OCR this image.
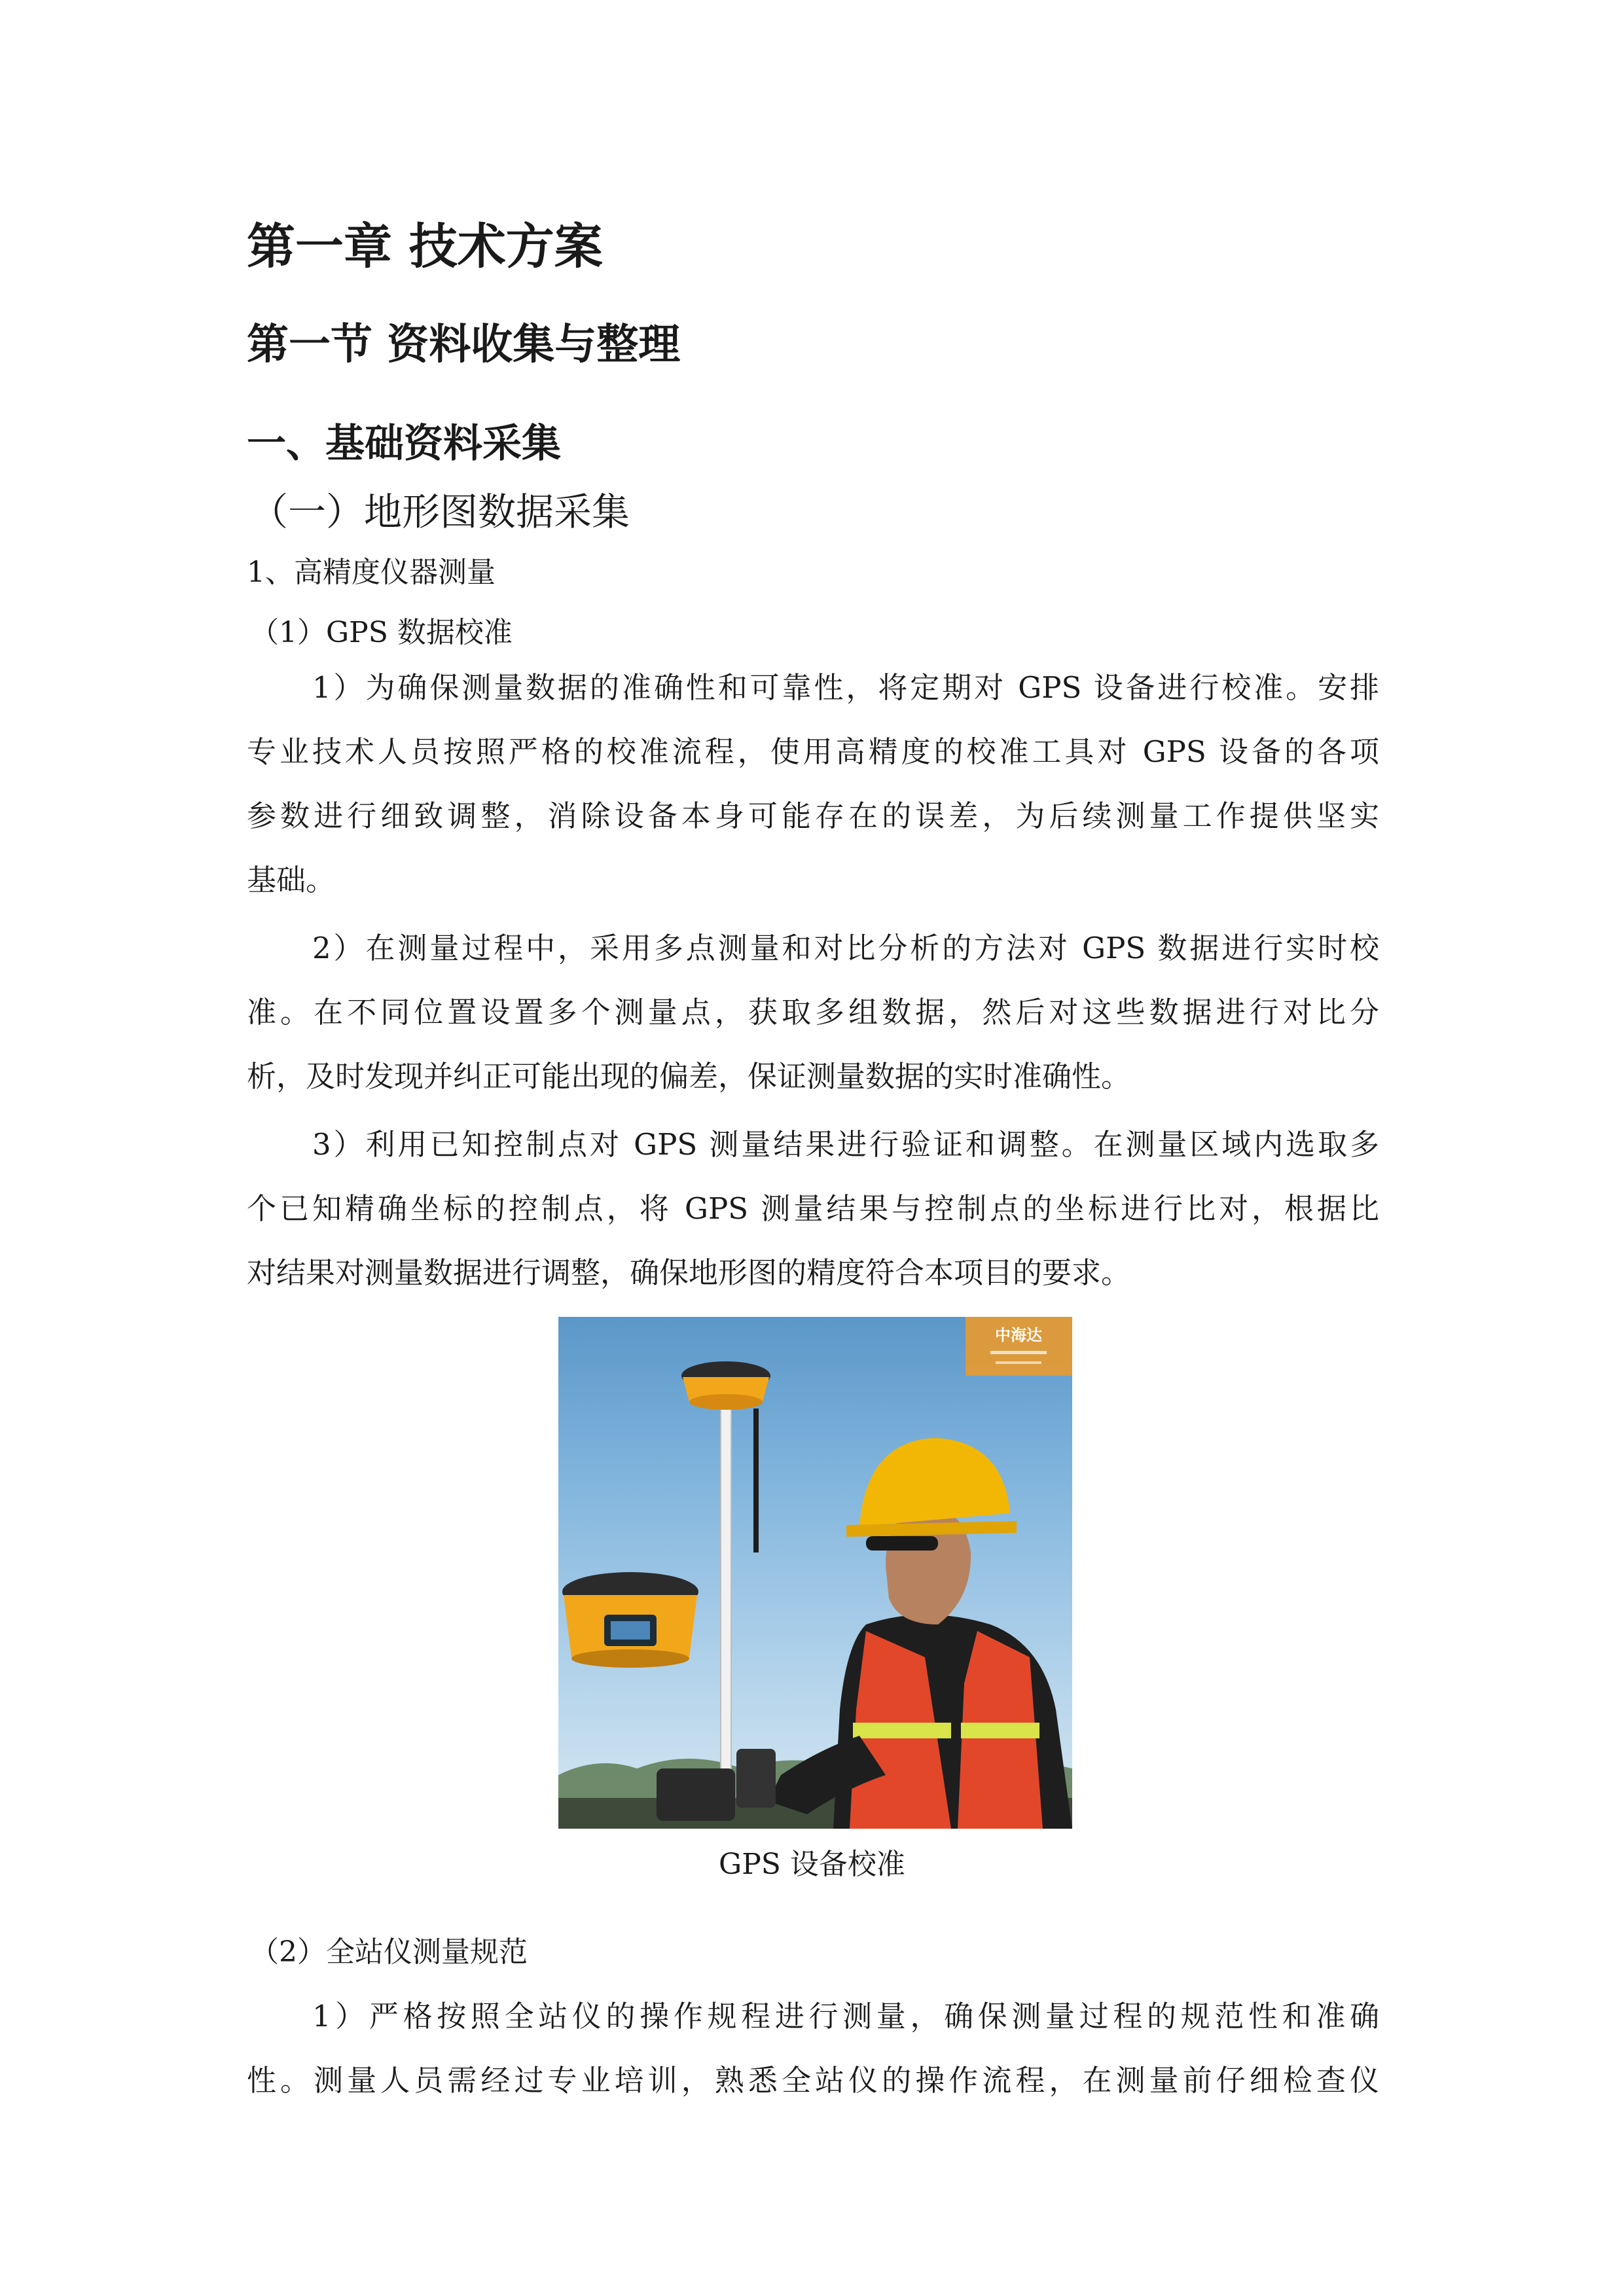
第一章 技术方案
第一节 资料收集与整理
一、基础资料采集
（一）地形图数据采集
1、高精度仪器测量
（1）GPS 数据校准
1）为确保测量数据的准确性和可靠性，将定期对 GPS 设备进行校准。安排
专业技术人员按照严格的校准流程，使用高精度的校准工具对 GPS 设备的各项
参数进行细致调整，消除设备本身可能存在的误差，为后续测量工作提供坚实
基础。
2）在测量过程中，采用多点测量和对比分析的方法对 GPS 数据进行实时校
准。在不同位置设置多个测量点，获取多组数据，然后对这些数据进行对比分
析，及时发现并纠正可能出现的偏差，保证测量数据的实时准确性。
3）利用已知控制点对 GPS 测量结果进行验证和调整。在测量区域内选取多
个已知精确坐标的控制点，将 GPS 测量结果与控制点的坐标进行比对，根据比
对结果对测量数据进行调整，确保地形图的精度符合本项目的要求。
中海达
GPS 设备校准
（2）全站仪测量规范
1）严格按照全站仪的操作规程进行测量，确保测量过程的规范性和准确
性。测量人员需经过专业培训，熟悉全站仪的操作流程，在测量前仔细检查仪
